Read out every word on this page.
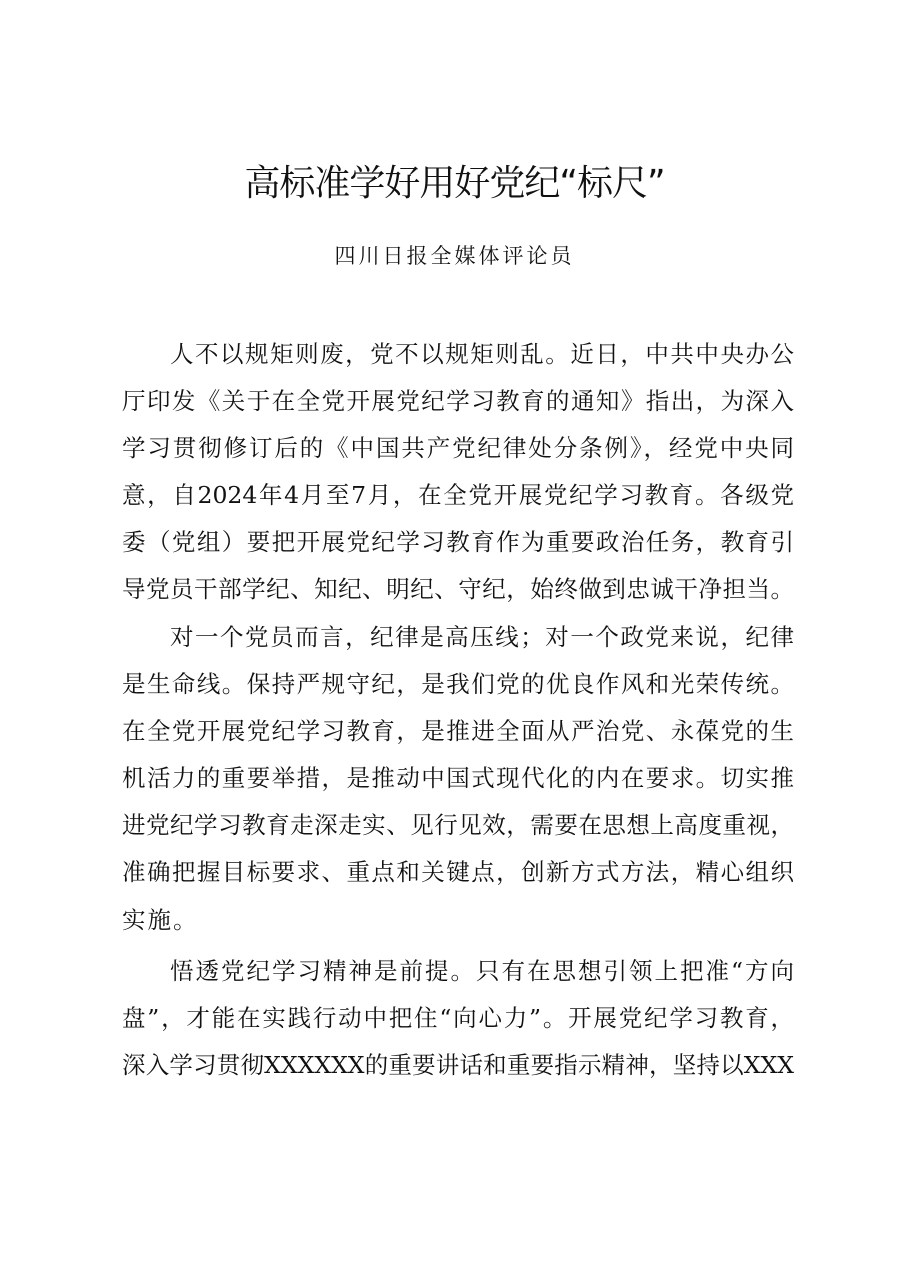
高标准学好用好党纪“标尺”
四川日报全媒体评论员
人不以规矩则废，党不以规矩则乱。近日，中共中央办公
厅印发《关于在全党开展党纪学习教育的通知》指出，为深入
学习贯彻修订后的《中国共产党纪律处分条例》，经党中央同
意，自2024年4月至7月，在全党开展党纪学习教育。各级党
委（党组）要把开展党纪学习教育作为重要政治任务，教育引
导党员干部学纪、知纪、明纪、守纪，始终做到忠诚干净担当。
对一个党员而言，纪律是高压线；对一个政党来说，纪律
是生命线。保持严规守纪，是我们党的优良作风和光荣传统。
在全党开展党纪学习教育，是推进全面从严治党、永葆党的生
机活力的重要举措，是推动中国式现代化的内在要求。切实推
进党纪学习教育走深走实、见行见效，需要在思想上高度重视，
准确把握目标要求、重点和关键点，创新方式方法，精心组织
实施。
悟透党纪学习精神是前提。只有在思想引领上把准“方向
盘”，才能在实践行动中把住“向心力”。开展党纪学习教育，
深入学习贯彻XXXXXX的重要讲话和重要指示精神，坚持以XXX
